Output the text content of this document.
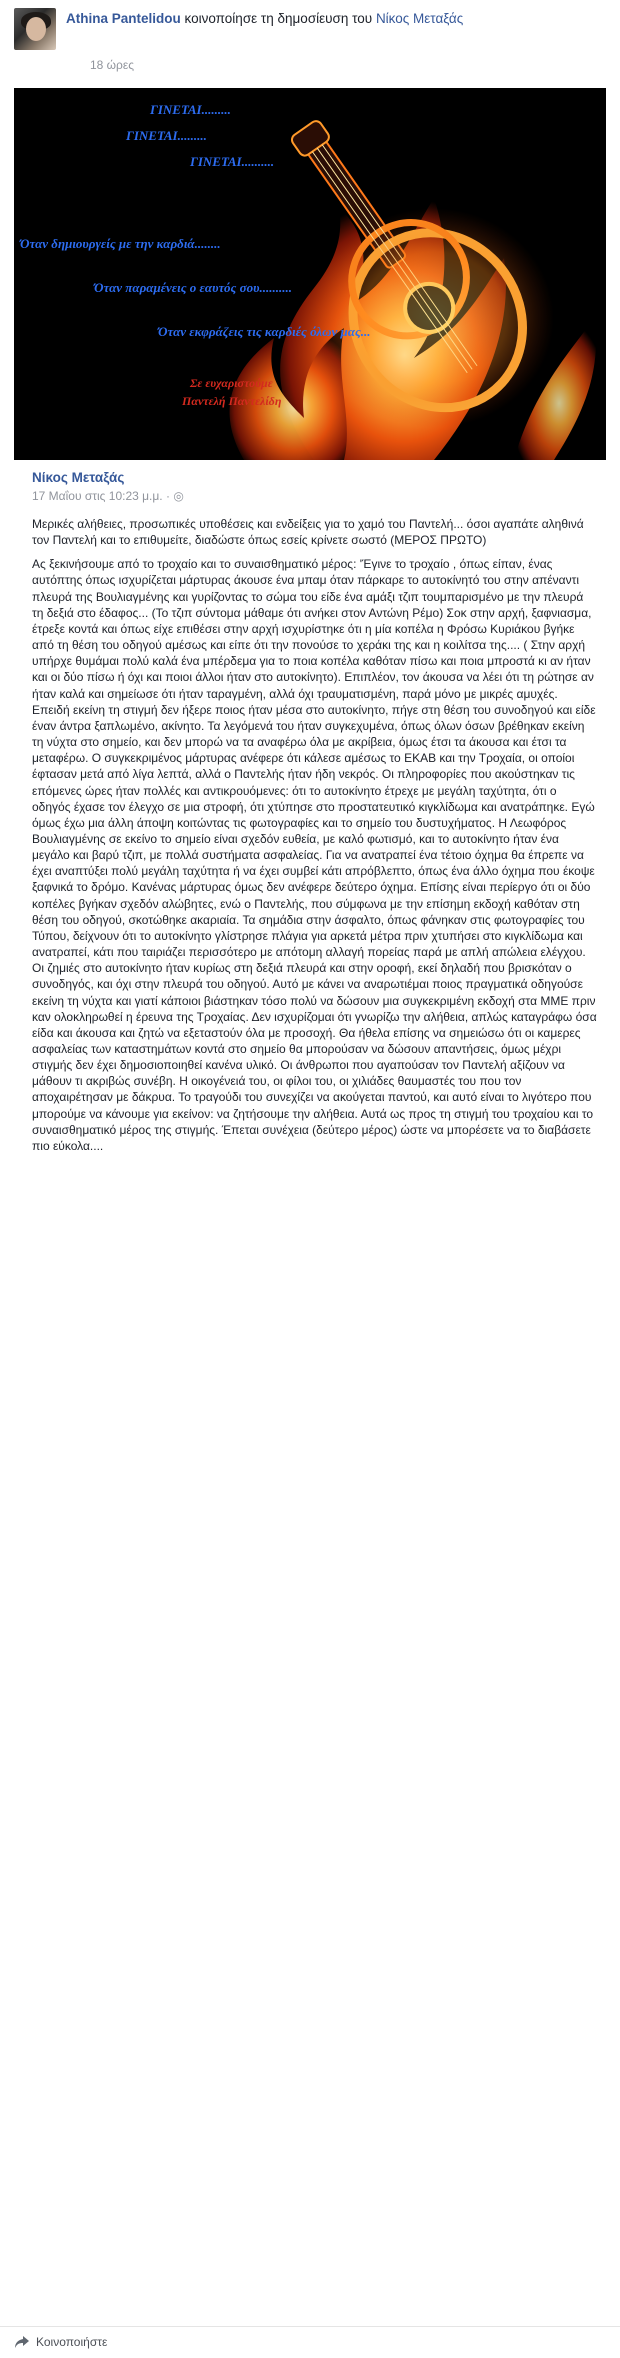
Athina Pantelidou κοινοποίησε τη δημοσίευση του Νίκος Μεταξάς
18 ώρες
ΓΙΝΕΤΑΙ.........
ΓΙΝΕΤΑΙ.........
ΓΙΝΕΤΑΙ..........
Όταν δημιουργείς με την καρδιά........
Όταν παραμένεις ο εαυτός σου..........
Όταν εκφράζεις τις καρδιές όλων μας...
Σε ευχαριστούμε
Παντελή Παντελίδη
Νίκος Μεταξάς
17 Μαΐου στις 10:23 μ.μ. · ◎

Μερικές αλήθειες, προσωπικές υποθέσεις και ενδείξεις για το χαμό του Παντελή... όσοι αγαπάτε αληθινά τον Παντελή και το επιθυμείτε, διαδώστε όπως εσείς κρίνετε σωστό (ΜΕΡΟΣ ΠΡΩΤΟ)

Ας ξεκινήσουμε από το τροχαίο και το συναισθηματικό μέρος: 'Έγινε το τροχαίο , όπως είπαν, ένας αυτόπτης όπως ισχυρίζεται μάρτυρας άκουσε ένα μπαμ όταν πάρκαρε το αυτοκίνητό του στην απέναντι πλευρά της Βουλιαγμένης και γυρίζοντας το σώμα του είδε ένα αμάξι τζιπ τουμπαρισμένο με την πλευρά τη δεξιά στο έδαφος... (Το τζιπ σύντομα μάθαμε ότι ανήκει στον Αντώνη Ρέμο) Σοκ στην αρχή, ξαφνιασμα, έτρεξε κοντά και όπως είχε επιθέσει στην αρχή ισχυρίστηκε ότι η μία κοπέλα η Φρόσω Κυριάκου βγήκε από τη θέση του οδηγού αμέσως και είπε ότι την πονούσε το χεράκι της και η κοιλίτσα της.... ( Στην αρχή υπήρχε θυμάμαι πολύ καλά ένα μπέρδεμα για το ποια κοπέλα καθόταν πίσω και ποια μπροστά κι αν ήταν και οι δύο πίσω ή όχι και ποιοι άλλοι ήταν στο αυτοκίνητο). Επιπλέον, τον άκουσα να λέει ότι τη ρώτησε αν ήταν καλά και σημείωσε ότι ήταν ταραγμένη, αλλά όχι τραυματισμένη, παρά μόνο με μικρές αμυχές. Επειδή εκείνη τη στιγμή δεν ήξερε ποιος ήταν μέσα στο αυτοκίνητο, πήγε στη θέση του συνοδηγού και είδε έναν άντρα ξαπλωμένο, ακίνητο. Τα λεγόμενά του ήταν συγκεχυμένα, όπως όλων όσων βρέθηκαν εκείνη τη νύχτα στο σημείο, και δεν μπορώ να τα αναφέρω όλα με ακρίβεια, όμως έτσι τα άκουσα και έτσι τα μεταφέρω. Ο συγκεκριμένος μάρτυρας ανέφερε ότι κάλεσε αμέσως το ΕΚΑΒ και την Τροχαία, οι οποίοι έφτασαν μετά από λίγα λεπτά, αλλά ο Παντελής ήταν ήδη νεκρός. Οι πληροφορίες που ακούστηκαν τις επόμενες ώρες ήταν πολλές και αντικρουόμενες: ότι το αυτοκίνητο έτρεχε με μεγάλη ταχύτητα, ότι ο οδηγός έχασε τον έλεγχο σε μια στροφή, ότι χτύπησε στο προστατευτικό κιγκλίδωμα και ανατράπηκε. Εγώ όμως έχω μια άλλη άποψη κοιτώντας τις φωτογραφίες και το σημείο του δυστυχήματος. Η Λεωφόρος Βουλιαγμένης σε εκείνο το σημείο είναι σχεδόν ευθεία, με καλό φωτισμό, και το αυτοκίνητο ήταν ένα μεγάλο και βαρύ τζιπ, με πολλά συστήματα ασφαλείας. Για να ανατραπεί ένα τέτοιο όχημα θα έπρεπε να έχει αναπτύξει πολύ μεγάλη ταχύτητα ή να έχει συμβεί κάτι απρόβλεπτο, όπως ένα άλλο όχημα που έκοψε ξαφνικά το δρόμο. Κανένας μάρτυρας όμως δεν ανέφερε δεύτερο όχημα. Επίσης είναι περίεργο ότι οι δύο κοπέλες βγήκαν σχεδόν αλώβητες, ενώ ο Παντελής, που σύμφωνα με την επίσημη εκδοχή καθόταν στη θέση του οδηγού, σκοτώθηκε ακαριαία. Τα σημάδια στην άσφαλτο, όπως φάνηκαν στις φωτογραφίες του Τύπου, δείχνουν ότι το αυτοκίνητο γλίστρησε πλάγια για αρκετά μέτρα πριν χτυπήσει στο κιγκλίδωμα και ανατραπεί, κάτι που ταιριάζει περισσότερο με απότομη αλλαγή πορείας παρά με απλή απώλεια ελέγχου. Οι ζημιές στο αυτοκίνητο ήταν κυρίως στη δεξιά πλευρά και στην οροφή, εκεί δηλαδή που βρισκόταν ο συνοδηγός, και όχι στην πλευρά του οδηγού. Αυτό με κάνει να αναρωτιέμαι ποιος πραγματικά οδηγούσε εκείνη τη νύχτα και γιατί κάποιοι βιάστηκαν τόσο πολύ να δώσουν μια συγκεκριμένη εκδοχή στα ΜΜΕ πριν καν ολοκληρωθεί η έρευνα της Τροχαίας. Δεν ισχυρίζομαι ότι γνωρίζω την αλήθεια, απλώς καταγράφω όσα είδα και άκουσα και ζητώ να εξεταστούν όλα με προσοχή. Θα ήθελα επίσης να σημειώσω ότι οι καμερες ασφαλείας των καταστημάτων κοντά στο σημείο θα μπορούσαν να δώσουν απαντήσεις, όμως μέχρι στιγμής δεν έχει δημοσιοποιηθεί κανένα υλικό. Οι άνθρωποι που αγαπούσαν τον Παντελή αξίζουν να μάθουν τι ακριβώς συνέβη. Η οικογένειά του, οι φίλοι του, οι χιλιάδες θαυμαστές του που τον αποχαιρέτησαν με δάκρυα. Το τραγούδι του συνεχίζει να ακούγεται παντού, και αυτό είναι το λιγότερο που μπορούμε να κάνουμε για εκείνον: να ζητήσουμε την αλήθεια. Αυτά ως προς τη στιγμή του τροχαίου και το συναισθηματικό μέρος της στιγμής. Έπεται συνέχεια (δεύτερο μέρος) ώστε να μπορέσετε να το διαβάσετε πιο εύκολα....

Κοινοποιήστε
